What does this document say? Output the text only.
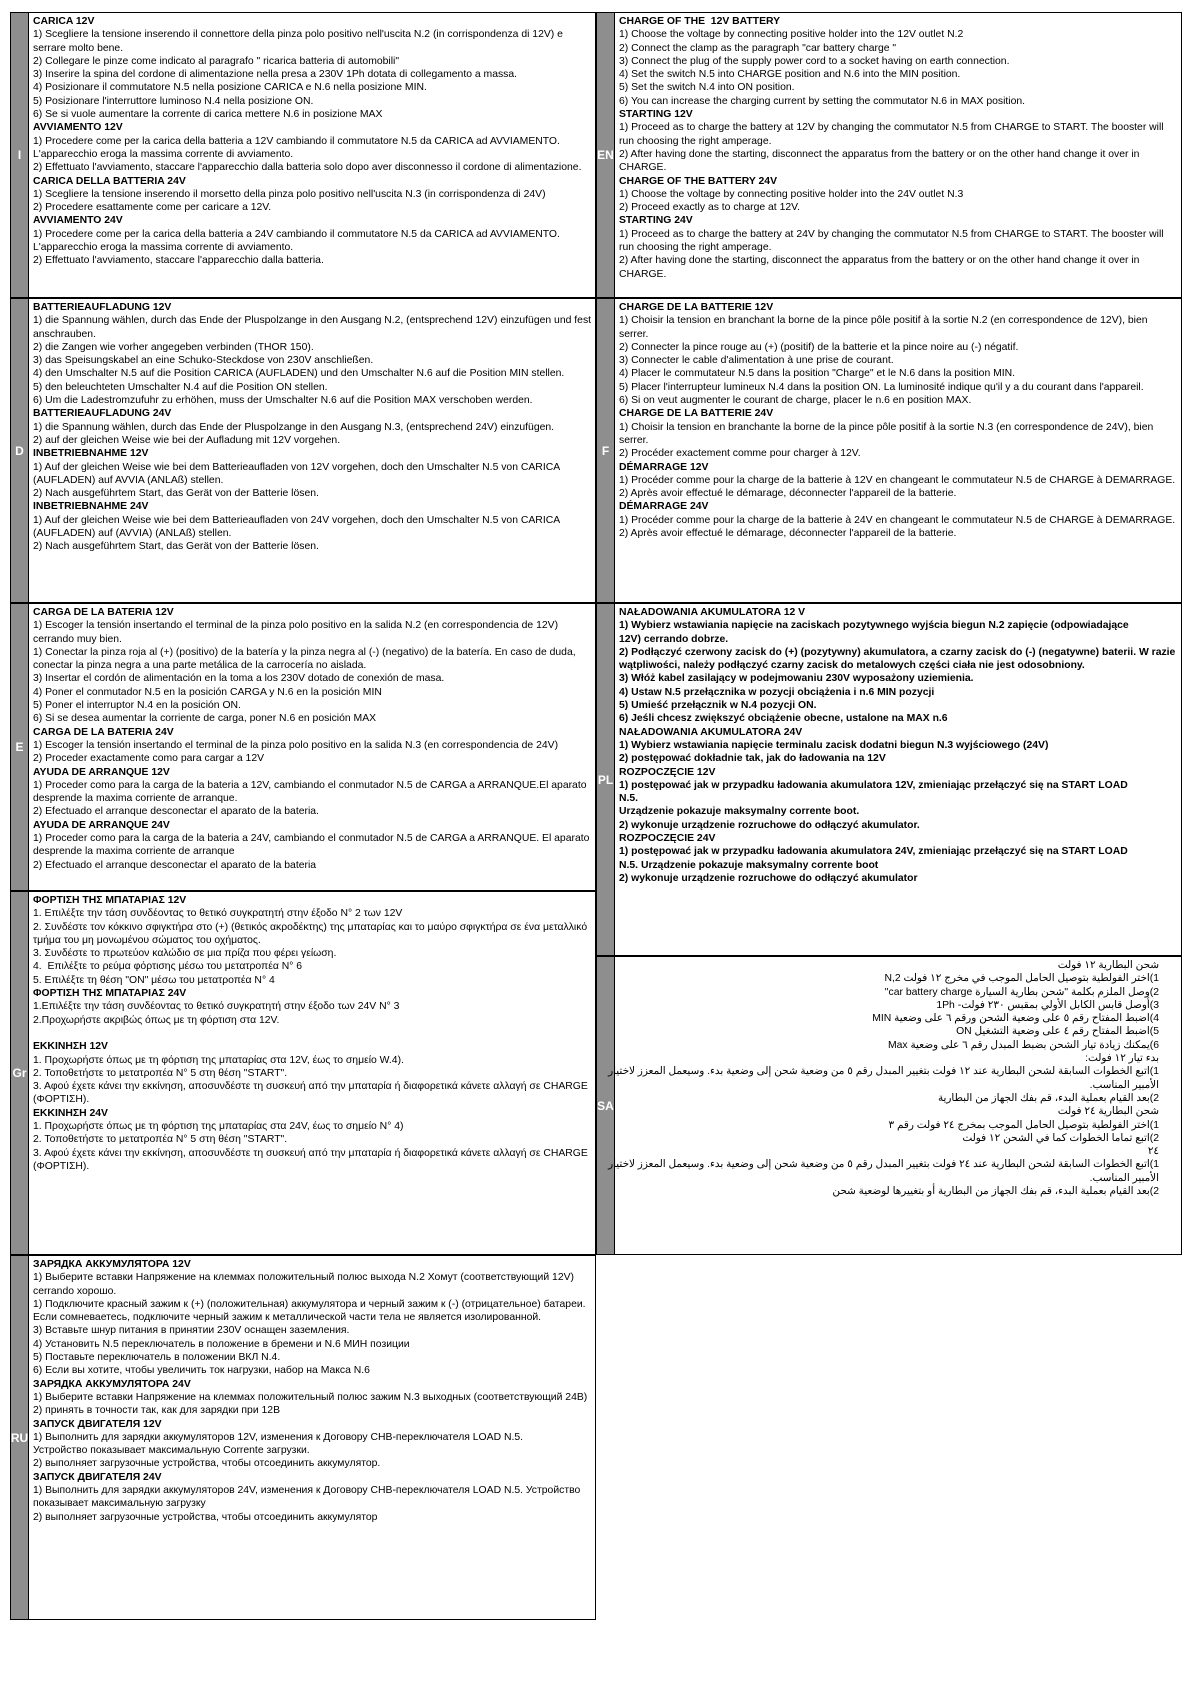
I
CARICA 12V
1) Scegliere la tensione inserendo il connettore della pinza polo positivo nell'uscita N.2 (in corrispondenza di 12V) e serrare molto bene.
2) Collegare le pinze come indicato al paragrafo " ricarica batteria di automobili"
3) Inserire la spina del cordone di alimentazione nella presa a 230V 1Ph dotata di collegamento a massa.
4) Posizionare il commutatore N.5 nella posizione CARICA e N.6 nella posizione MIN.
5) Posizionare l'interruttore luminoso N.4 nella posizione ON.
6) Se si vuole aumentare la corrente di carica mettere N.6 in posizione MAX
AVVIAMENTO 12V
1) Procedere come per la carica della batteria a 12V cambiando il commutatore N.5 da CARICA ad AVVIAMENTO. L'apparecchio eroga la massima corrente di avviamento.
2) Effettuato l'avviamento, staccare l'apparecchio dalla batteria solo dopo aver disconnesso il cordone di alimentazione.
CARICA DELLA BATTERIA 24V
1) Scegliere la tensione inserendo il morsetto della pinza polo positivo nell'uscita N.3 (in corrispondenza di 24V)
2) Procedere esattamente come per caricare a 12V.
AVVIAMENTO 24V
1) Procedere come per la carica della batteria a 24V cambiando il commutatore N.5 da CARICA ad AVVIAMENTO. L'apparecchio eroga la massima corrente di avviamento.
2) Effettuato l'avviamento, staccare l'apparecchio dalla batteria.
EN
CHARGE OF THE  12V BATTERY
1) Choose the voltage by connecting positive holder into the 12V outlet N.2
2) Connect the clamp as the paragraph "car battery charge "
3) Connect the plug of the supply power cord to a socket having on earth connection.
4) Set the switch N.5 into CHARGE position and N.6 into the MIN position.
5) Set the switch N.4 into ON position.
6) You can increase the charging current by setting the commutator N.6 in MAX position.
STARTING 12V
1) Proceed as to charge the battery at 12V by changing the commutator N.5 from CHARGE to START. The booster will run choosing the right amperage.
2) After having done the starting, disconnect the apparatus from the battery or on the other hand change it over in CHARGE.
CHARGE OF THE BATTERY 24V
1) Choose the voltage by connecting positive holder into the 24V outlet N.3
2) Proceed exactly as to charge at 12V.
STARTING 24V
1) Proceed as to charge the battery at 24V by changing the commutator N.5 from CHARGE to START. The booster will run choosing the right amperage.
2) After having done the starting, disconnect the apparatus from the battery or on the other hand change it over in CHARGE.
D
BATTERIEAUFLADUNG 12V
1) die Spannung wählen, durch das Ende der Pluspolzange in den Ausgang N.2, (entsprechend 12V) einzufügen und fest anschrauben.
2) die Zangen wie vorher angegeben verbinden (THOR 150).
3) das Speisungskabel an eine Schuko-Steckdose von 230V anschließen.
4) den Umschalter N.5 auf die Position CARICA (AUFLADEN) und den Umschalter N.6 auf die Position MIN stellen.
5) den beleuchteten Umschalter N.4 auf die Position ON stellen.
6) Um die Ladestromzufuhr zu erhöhen, muss der Umschalter N.6 auf die Position MAX verschoben werden.
BATTERIEAUFLADUNG 24V
1) die Spannung wählen, durch das Ende der Pluspolzange in den Ausgang N.3, (entsprechend 24V) einzufügen.
2) auf der gleichen Weise wie bei der Aufladung mit 12V vorgehen.
INBETRIEBNAHME 12V
1) Auf der gleichen Weise wie bei dem Batterieaufladen von 12V vorgehen, doch den Umschalter N.5 von CARICA (AUFLADEN) auf AVVIA (ANLAß) stellen.
2) Nach ausgeführtem Start, das Gerät von der Batterie lösen.
INBETRIEBNAHME 24V
1) Auf der gleichen Weise wie bei dem Batterieaufladen von 24V vorgehen, doch den Umschalter N.5 von CARICA (AUFLADEN) auf (AVVIA) (ANLAß) stellen.
2) Nach ausgeführtem Start, das Gerät von der Batterie lösen.
F
CHARGE DE LA BATTERIE 12V
1) Choisir la tension en branchant la borne de la pince pôle positif à la sortie N.2 (en correspondence de 12V), bien serrer.
2) Connecter la pince rouge au (+) (positif) de la batterie et la pince noire au (-) négatif.
3) Connecter le cable d'alimentation à une prise de courant.
4) Placer le commutateur N.5 dans la position "Charge" et le N.6 dans la position MIN.
5) Placer l'interrupteur lumineux N.4 dans la position ON. La luminosité indique qu'il y a du courant dans l'appareil.
6) Si on veut augmenter le courant de charge, placer le n.6 en position MAX.
CHARGE DE LA BATTERIE 24V
1) Choisir la tension en branchante la borne de la pince pôle positif à la sortie N.3 (en correspondence de 24V), bien serrer.
2) Procéder exactement comme pour charger à 12V.
DÉMARRAGE 12V
1) Procéder comme pour la charge de la batterie à 12V en changeant le commutateur N.5 de CHARGE à DEMARRAGE.
2) Après avoir effectué le démarage, déconnecter l'appareil de la batterie.
DÉMARRAGE 24V
1) Procéder comme pour la charge de la batterie à 24V en changeant le commutateur N.5 de CHARGE à DEMARRAGE.
2) Après avoir effectué le démarage, déconnecter l'appareil de la batterie.
E
CARGA DE LA BATERIA 12V
1) Escoger la tensión insertando el terminal de la pinza polo positivo en la salida N.2 (en correspondencia de 12V) cerrando muy bien.
1) Conectar la pinza roja al (+) (positivo) de la batería y la pinza negra al (-) (negativo) de la batería. En caso de duda, conectar la pinza negra a una parte metálica de la carrocería no aislada.
3) Insertar el cordón de alimentación en la toma a los 230V dotado de conexión de masa.
4) Poner el conmutador N.5 en la posición CARGA y N.6 en la posición MIN
5) Poner el interruptor N.4 en la posición ON.
6) Si se desea aumentar la corriente de carga, poner N.6 en posición MAX
CARGA DE LA BATERIA 24V
1) Escoger la tensión insertando el terminal de la pinza polo positivo en la salida N.3 (en correspondencia de 24V)
2) Proceder exactamente como para cargar a 12V
AYUDA DE ARRANQUE 12V
1) Proceder como para la carga de la bateria a 12V, cambiando el conmutador N.5 de CARGA a ARRANQUE.El aparato desprende la maxima corriente de arranque.
2) Efectuado el arranque desconectar el aparato de la bateria.
AYUDA DE ARRANQUE 24V
1) Proceder como para la carga de la bateria a 24V, cambiando el conmutador N.5 de CARGA a ARRANQUE. El aparato desprende la maxima corriente de arranque
2) Efectuado el arranque desconectar el aparato de la bateria
PL
NAŁADOWANIA AKUMULATORA 12 V
1) Wybierz wstawiania napięcie na zaciskach pozytywnego wyjścia biegun N.2 zapięcie (odpowiadające
12V) cerrando dobrze.
2) Podłączyć czerwony zacisk do (+) (pozytywny) akumulatora, a czarny zacisk do (-) (negatywne) baterii. W razie wątpliwości, należy podłączyć czarny zacisk do metalowych części ciała nie jest odosobniony.
3) Włóż kabel zasilający w podejmowaniu 230V wyposażony uziemienia.
4) Ustaw N.5 przełącznika w pozycji obciążenia i n.6 MIN pozycji
5) Umieść przełącznik w N.4 pozycji ON.
6) Jeśli chcesz zwiększyć obciążenie obecne, ustalone na MAX n.6
NAŁADOWANIA AKUMULATORA 24V
1) Wybierz wstawiania napięcie terminalu zacisk dodatni biegun N.3 wyjściowego (24V)
2) postępować dokładnie tak, jak do ładowania na 12V
ROZPOCZĘCIE 12V
1) postępować jak w przypadku ładowania akumulatora 12V, zmieniając przełączyć się na START LOAD
N.5.
Urządzenie pokazuje maksymalny corrente boot.
2) wykonuje urządzenie rozruchowe do odłączyć akumulator.
ROZPOCZĘCIE 24V
1) postępować jak w przypadku ładowania akumulatora 24V, zmieniając przełączyć się na START LOAD
N.5. Urządzenie pokazuje maksymalny corrente boot
2) wykonuje urządzenie rozruchowe do odłączyć akumulator
Gr
ΦΟΡΤΙΣΗ ΤΗΣ ΜΠΑΤΑΡΙΑΣ 12V
1. Επιλέξτε την τάση συνδέοντας το θετικό συγκρατητή στην έξοδο N° 2 των 12V
2. Συνδέστε τον κόκκινο σφιγκτήρα στο (+) (θετικός ακροδέκτης) της μπαταρίας και το μαύρο σφιγκτήρα σε ένα μεταλλικό τμήμα του μη μονωμένου σώματος του οχήματος.
3. Συνδέστε το πρωτεύον καλώδιο σε μια πρίζα που φέρει γείωση.
4.  Επιλέξτε το ρεύμα φόρτισης μέσω του μετατροπέα N° 6
5. Επιλέξτε τη θέση "ON" μέσω του μετατροπέα N° 4
ΦΟΡΤΙΣΗ ΤΗΣ ΜΠΑΤΑΡΙΑΣ 24V
1.Επιλέξτε την τάση συνδέοντας το θετικό συγκρατητή στην έξοδο των 24V N° 3
2.Προχωρήστε ακριβώς όπως με τη φόρτιση στα 12V.

ΕΚΚΙΝΗΣΗ 12V
1. Προχωρήστε όπως με τη φόρτιση της μπαταρίας στα 12V, έως το σημείο W.4).
2. Τοποθετήστε το μετατροπέα N° 5 στη θέση "START".
3. Αφού έχετε κάνει την εκκίνηση, αποσυνδέστε τη συσκευή από την μπαταρία ή διαφορετικά κάνετε αλλαγή σε CHARGE (ΦΟΡΤΙΣΗ).
ΕΚΚΙΝΗΣΗ 24V
1. Προχωρήστε όπως με τη φόρτιση της μπαταρίας στα 24V, έως το σημείο N° 4)
2. Τοποθετήστε το μετατροπέα N° 5 στη θέση "START".
3. Αφού έχετε κάνει την εκκίνηση, αποσυνδέστε τη συσκευή από την μπαταρία ή διαφορετικά κάνετε αλλαγή σε CHARGE (ΦΟΡΤΙΣΗ).
SA
شحن البطارية ١٢ فولت
1)اختر الفولطية بتوصيل الحامل الموجب في مخرج ١٢ فولت N,2
2)وصل الملزم بكلمة "شحن بطارية السيارة car battery charge"
3)أوصل قابس الكابل الأولي بمقبس ٢٣٠ فولت- 1Ph
4)اضبط المفتاح رقم ٥ على وضعية الشحن ورقم ٦ على وضعية MIN
5)اضبط المفتاح رقم ٤ على وضعية التشغيل ON
6)يمكنك زيادة تيار الشحن بضبط المبدل رقم ٦ على وضعية Max
بدء تيار ١٢ فولت:
1)اتبع الخطوات السابقة لشحن البطارية عند ١٢ فولت بتغيير المبدل رقم ٥ من وضعية شحن إلى وضعية بدء. وسيعمل المعزز لاختيار الأمبير المناسب.
2)بعد القيام بعملية البدء، قم بفك الجهاز من البطارية
شحن البطارية ٢٤ فولت
1)اختر الفولطية بتوصيل الحامل الموجب بمخرج ٢٤ فولت رقم ٣
2)اتبع تماما الخطوات كما في الشحن ١٢ فولت
٢٤
1)اتبع الخطوات السابقة لشحن البطارية عند ٢٤ فولت بتغيير المبدل رقم ٥ من وضعية شحن إلى وضعية بدء. وسيعمل المعزز لاختيار الأمبير المناسب.
2)بعد القيام بعملية البدء، قم بفك الجهاز من البطارية أو بتغييرها لوضعية شحن
RU
ЗАРЯДКА АККУМУЛЯТОРА 12V
1) Выберите вставки Напряжение на клеммах положительный полюс выхода N.2 Хомут (соответствующий 12V) cerrando хорошо.
1) Подключите красный зажим к (+) (положительная) аккумулятора и черный зажим к (-) (отрицательное) батареи. Если сомневаетесь, подключите черный зажим к металлической части тела не является изолированной.
3) Вставьте шнур питания в принятии 230V оснащен заземления.
4) Установить N.5 переключатель в положение в бремени и N.6 МИН позиции
5) Поставьте переключатель в положении ВКЛ N.4.
6) Если вы хотите, чтобы увеличить ток нагрузки, набор на Макса N.6
ЗАРЯДКА АККУМУЛЯТОРА 24V
1) Выберите вставки Напряжение на клеммах положительный полюс зажим N.3 выходных (соответствующий 24В)
2) принять в точности так, как для зарядки при 12В
ЗАПУСК ДВИГАТЕЛЯ 12V
1) Выполнить для зарядки аккумуляторов 12V, изменения к Договору CHB-переключателя LOAD N.5.
Устройство показывает максимальную Corrente загрузки.
2) выполняет загрузочные устройства, чтобы отсоединить аккумулятор.
ЗАПУСК ДВИГАТЕЛЯ 24V
1) Выполнить для зарядки аккумуляторов 24V, изменения к Договору CHB-переключателя LOAD N.5. Устройство показывает максимальную загрузку
2) выполняет загрузочные устройства, чтобы отсоединить аккумулятор
